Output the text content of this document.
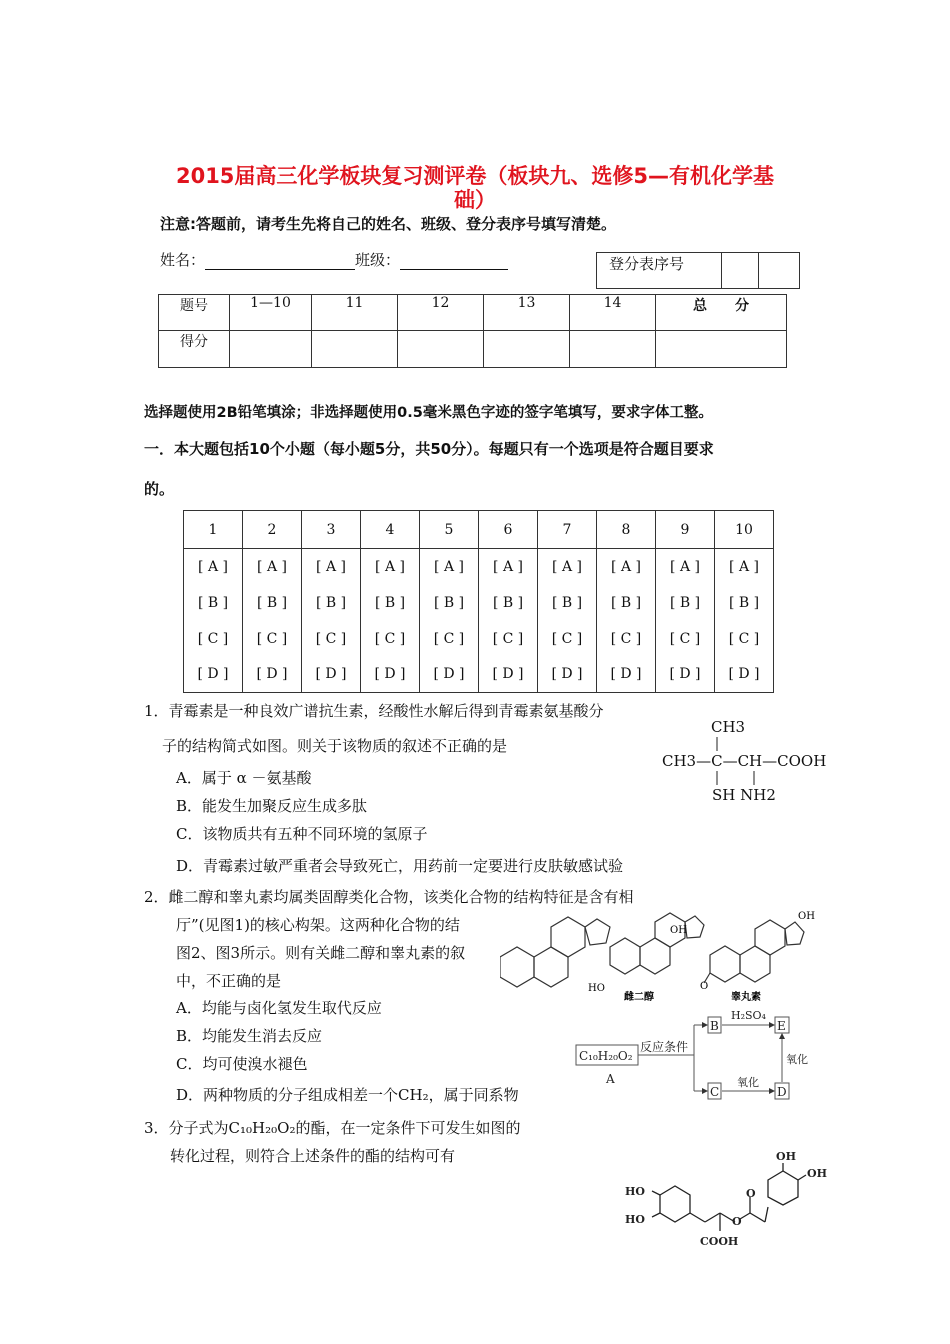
2015届高三化学板块复习测评卷（板块九、选修5—有机化学基
础）
注意:答题前，请考生先将自己的姓名、班级、登分表序号填写清楚。
姓名：	班级：	登分表序号		
题号	1—10	11	12	13	14	总　　分
得分						
选择题使用2B铅笔填涂；非选择题使用0.5毫米黑色字迹的签字笔填写，要求字体工整。
一．本大题包括10个小题（每小题5分，共50分）。每题只有一个选项是符合题目要求
的。
1	2	3	4	5	6	7	8	9	10
[ A ]	[ A ]	[ A ]	[ A ]	[ A ]	[ A ]	[ A ]	[ A ]	[ A ]	[ A ]
[ B ]	[ B ]	[ B ]	[ B ]	[ B ]	[ B ]	[ B ]	[ B ]	[ B ]	[ B ]
[ C ]	[ C ]	[ C ]	[ C ]	[ C ]	[ C ]	[ C ]	[ C ]	[ C ]	[ C ]
[ D ]	[ D ]	[ D ]	[ D ]	[ D ]	[ D ]	[ D ]	[ D ]	[ D ]	[ D ]
1．青霉素是一种良效广谱抗生素，经酸性水解后得到青霉素氨基酸分
子的结构简式如图。则关于该物质的叙述不正确的是
A．属于 α －氨基酸
B．能发生加聚反应生成多肽
C．该物质共有五种不同环境的氢原子
D．青霉素过敏严重者会导致死亡，用药前一定要进行皮肤敏感试验
CH3
CH3—C—CH—COOH
SH NH2
2．雌二醇和睾丸素均属类固醇类化合物，该类化合物的结构特征是含有相
厅”(见图1)的核心构架。这两种化合物的结
图2、图3所示。则有关雌二醇和睾丸素的叙
中，不正确的是
A．均能与卤化氢发生取代反应
B．均能发生消去反应
C．均可使溴水褪色
D．两种物质的分子组成相差一个CH₂，属于同系物
OH
OH
HO	O
雌二醇	睾丸素
C₁₀H₂₀O₂
A
反应条件
B	E
C	D
H₂SO₄
氧化
氧化
3．分子式为C₁₀H₂₀O₂的酯，在一定条件下可发生如图的
转化过程，则符合上述条件的酯的结构可有	OH
OH
HO
HO
COOH
O
O
